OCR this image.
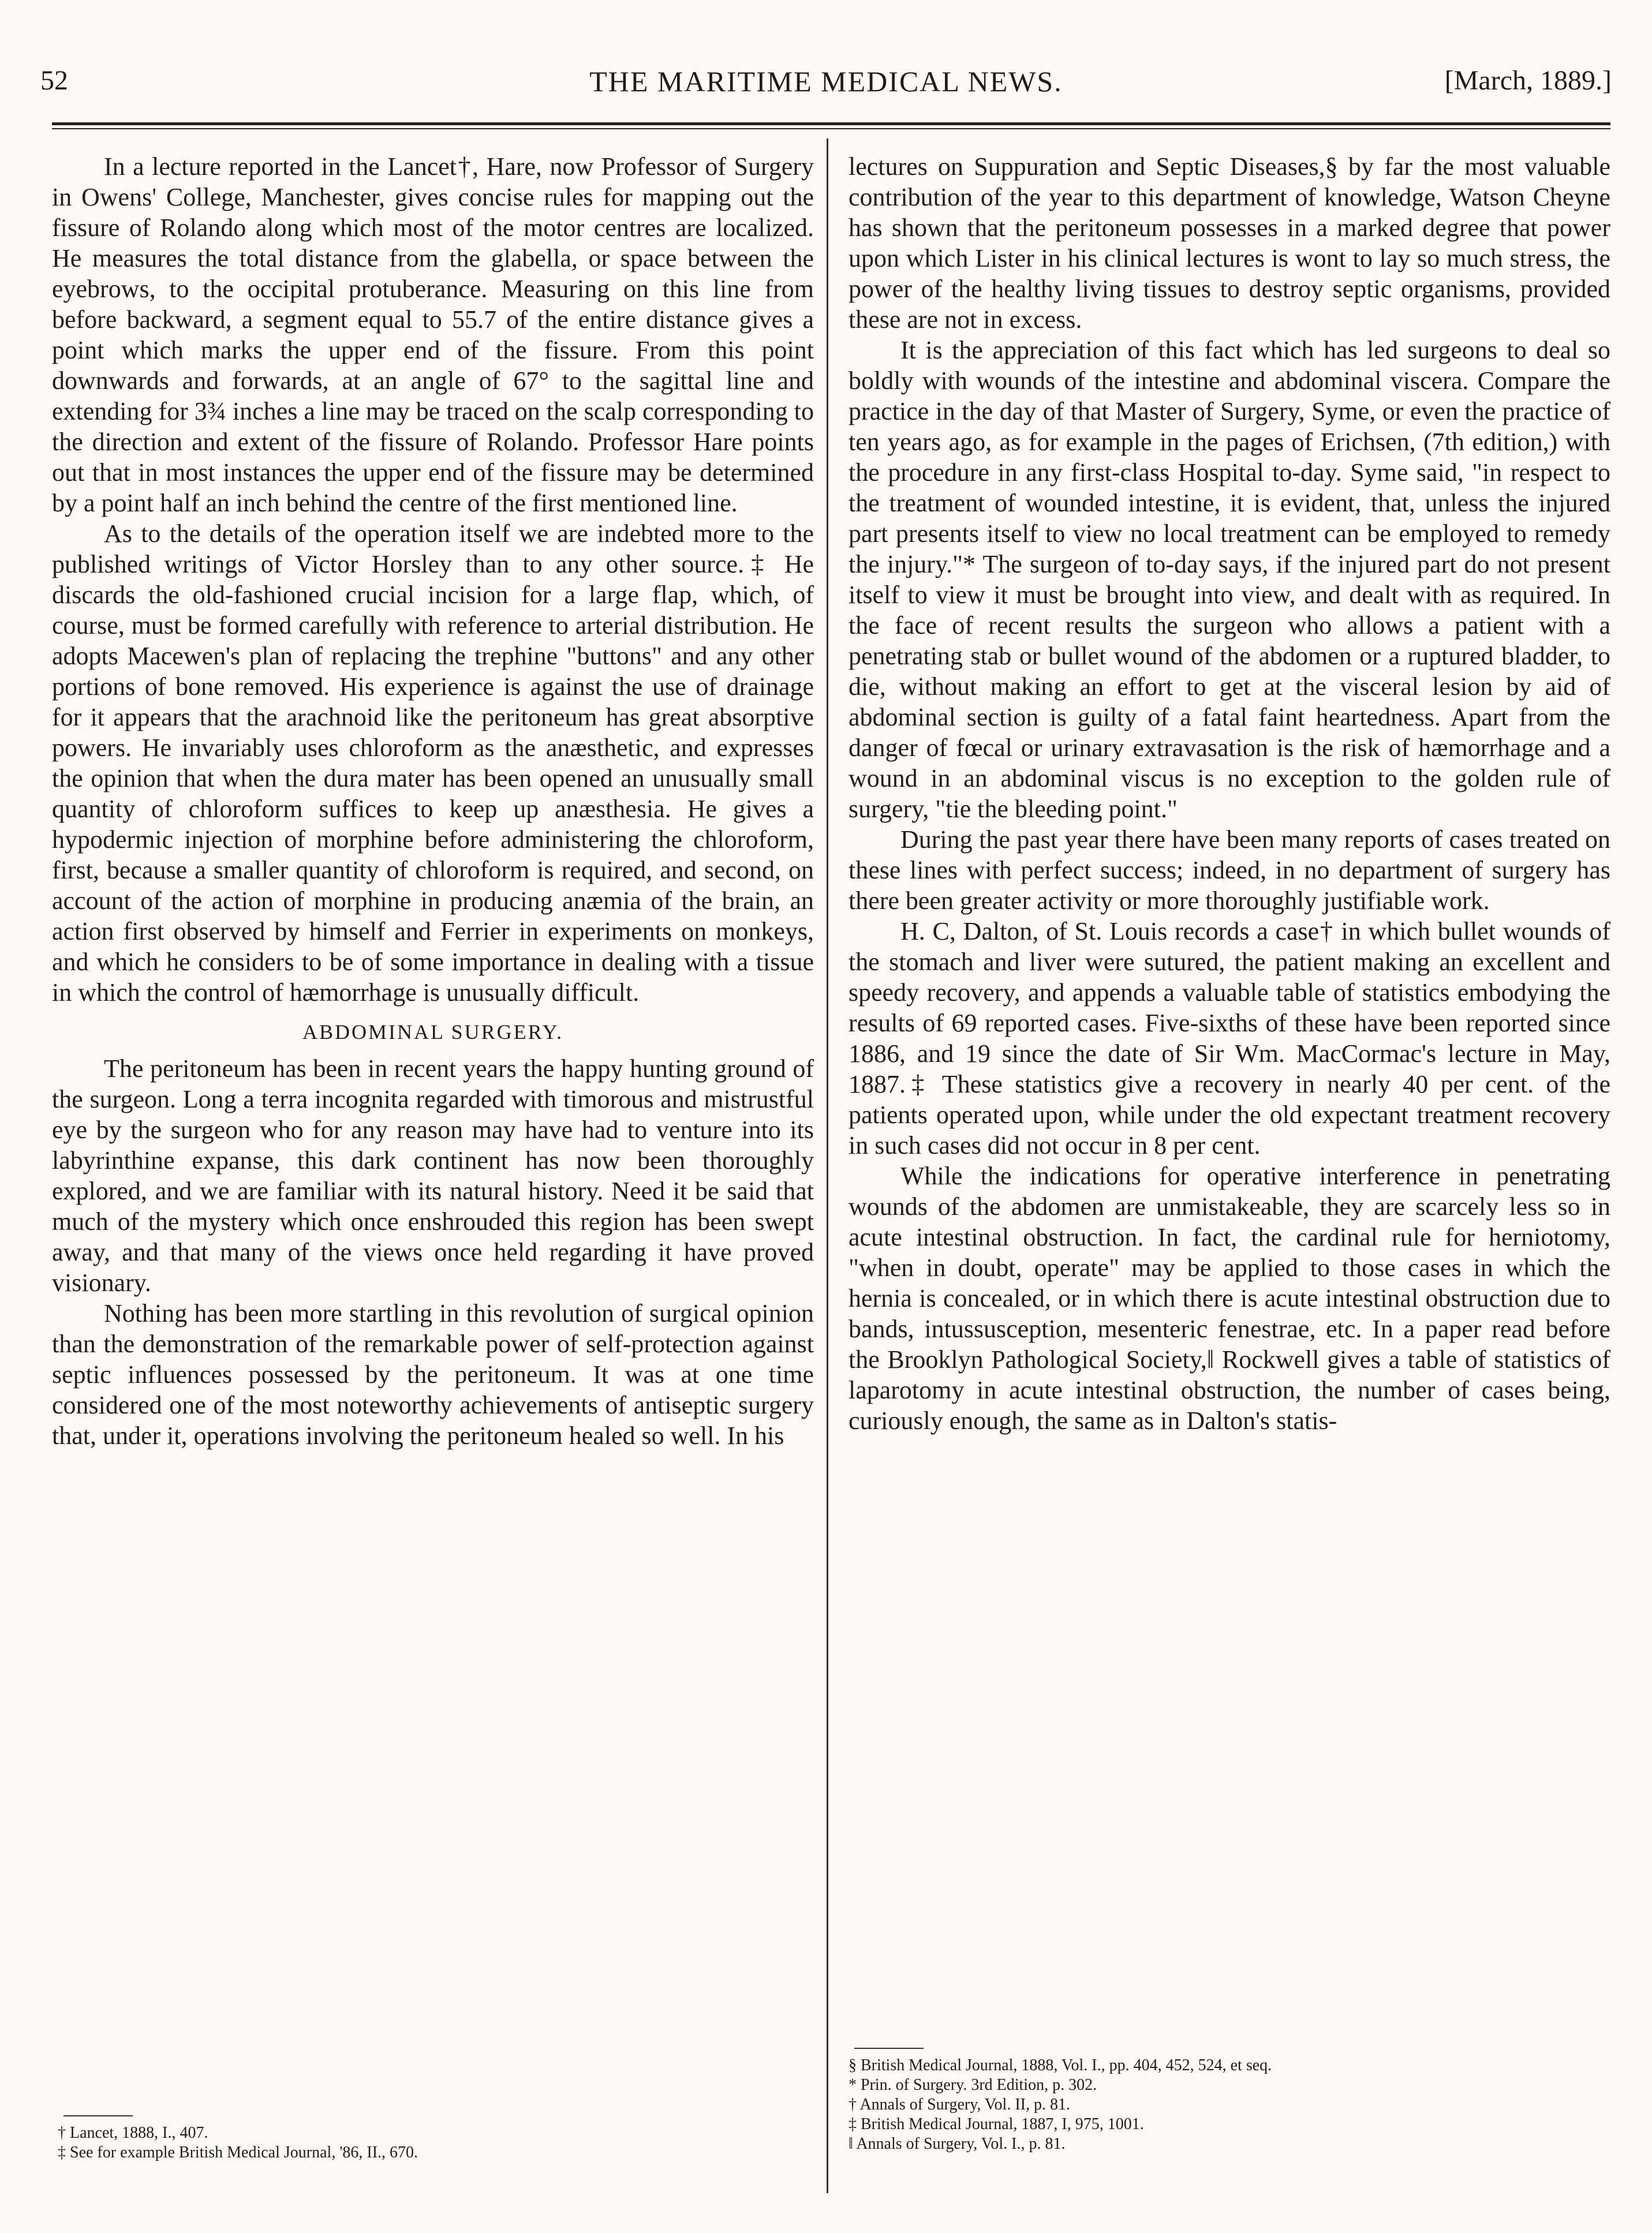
52	THE MARITIME MEDICAL NEWS.	[March, 1889.]

In a lecture reported in the Lancet†, Hare, now Professor of Surgery in Owens' College, Manchester, gives concise rules for mapping out the fissure of Rolando along which most of the motor centres are localized. He measures the total distance from the glabella, or space between the eyebrows, to the occipital protuberance. Measuring on this line from before backward, a segment equal to 55.7 of the entire distance gives a point which marks the upper end of the fissure. From this point downwards and forwards, at an angle of 67° to the sagittal line and extending for 3¾ inches a line may be traced on the scalp corresponding to the direction and extent of the fissure of Rolando. Professor Hare points out that in most instances the upper end of the fissure may be determined by a point half an inch behind the centre of the first mentioned line.

As to the details of the operation itself we are indebted more to the published writings of Victor Horsley than to any other source.‡ He discards the old-fashioned crucial incision for a large flap, which, of course, must be formed carefully with reference to arterial distribution. He adopts Macewen's plan of replacing the trephine "buttons" and any other portions of bone removed. His experience is against the use of drainage for it appears that the arachnoid like the peritoneum has great absorptive powers. He invariably uses chloroform as the anæsthetic, and expresses the opinion that when the dura mater has been opened an unusually small quantity of chloroform suffices to keep up anæsthesia. He gives a hypodermic injection of morphine before administering the chloroform, first, because a smaller quantity of chloroform is required, and second, on account of the action of morphine in producing anæmia of the brain, an action first observed by himself and Ferrier in experiments on monkeys, and which he considers to be of some importance in dealing with a tissue in which the control of hæmorrhage is unusually difficult.

ABDOMINAL SURGERY.

The peritoneum has been in recent years the happy hunting ground of the surgeon. Long a terra incognita regarded with timorous and mistrustful eye by the surgeon who for any reason may have had to venture into its labyrinthine expanse, this dark continent has now been thoroughly explored, and we are familiar with its natural history. Need it be said that much of the mystery which once enshrouded this region has been swept away, and that many of the views once held regarding it have proved visionary.

Nothing has been more startling in this revolution of surgical opinion than the demonstration of the remarkable power of self-protection against septic influences possessed by the peritoneum. It was at one time considered one of the most noteworthy achievements of antiseptic surgery that, under it, operations involving the peritoneum healed so well. In his

† Lancet, 1888, I., 407.

‡ See for example British Medical Journal, '86, II., 670.

lectures on Suppuration and Septic Diseases,§ by far the most valuable contribution of the year to this department of knowledge, Watson Cheyne has shown that the peritoneum possesses in a marked degree that power upon which Lister in his clinical lectures is wont to lay so much stress, the power of the healthy living tissues to destroy septic organisms, provided these are not in excess.

It is the appreciation of this fact which has led surgeons to deal so boldly with wounds of the intestine and abdominal viscera. Compare the practice in the day of that Master of Surgery, Syme, or even the practice of ten years ago, as for example in the pages of Erichsen, (7th edition,) with the procedure in any first-class Hospital to-day. Syme said, "in respect to the treatment of wounded intestine, it is evident, that, unless the injured part presents itself to view no local treatment can be employed to remedy the injury."* The surgeon of to-day says, if the injured part do not present itself to view it must be brought into view, and dealt with as required. In the face of recent results the surgeon who allows a patient with a penetrating stab or bullet wound of the abdomen or a ruptured bladder, to die, without making an effort to get at the visceral lesion by aid of abdominal section is guilty of a fatal faint heartedness. Apart from the danger of fœcal or urinary extravasation is the risk of hæmorrhage and a wound in an abdominal viscus is no exception to the golden rule of surgery, "tie the bleeding point."

During the past year there have been many reports of cases treated on these lines with perfect success; indeed, in no department of surgery has there been greater activity or more thoroughly justifiable work.

H. C, Dalton, of St. Louis records a case† in which bullet wounds of the stomach and liver were sutured, the patient making an excellent and speedy recovery, and appends a valuable table of statistics embodying the results of 69 reported cases. Five-sixths of these have been reported since 1886, and 19 since the date of Sir Wm. MacCormac's lecture in May, 1887.‡ These statistics give a recovery in nearly 40 per cent. of the patients operated upon, while under the old expectant treatment recovery in such cases did not occur in 8 per cent.

While the indications for operative interference in penetrating wounds of the abdomen are unmistakeable, they are scarcely less so in acute intestinal obstruction. In fact, the cardinal rule for herniotomy, "when in doubt, operate" may be applied to those cases in which the hernia is concealed, or in which there is acute intestinal obstruction due to bands, intussusception, mesenteric fenestrae, etc. In a paper read before the Brooklyn Pathological Society,‖ Rockwell gives a table of statistics of laparotomy in acute intestinal obstruction, the number of cases being, curiously enough, the same as in Dalton's statis-

§ British Medical Journal, 1888, Vol. I., pp. 404, 452, 524, et seq.

* Prin. of Surgery. 3rd Edition, p. 302.

† Annals of Surgery, Vol. II, p. 81.

‡ British Medical Journal, 1887, I, 975, 1001.

‖ Annals of Surgery, Vol. I., p. 81.
